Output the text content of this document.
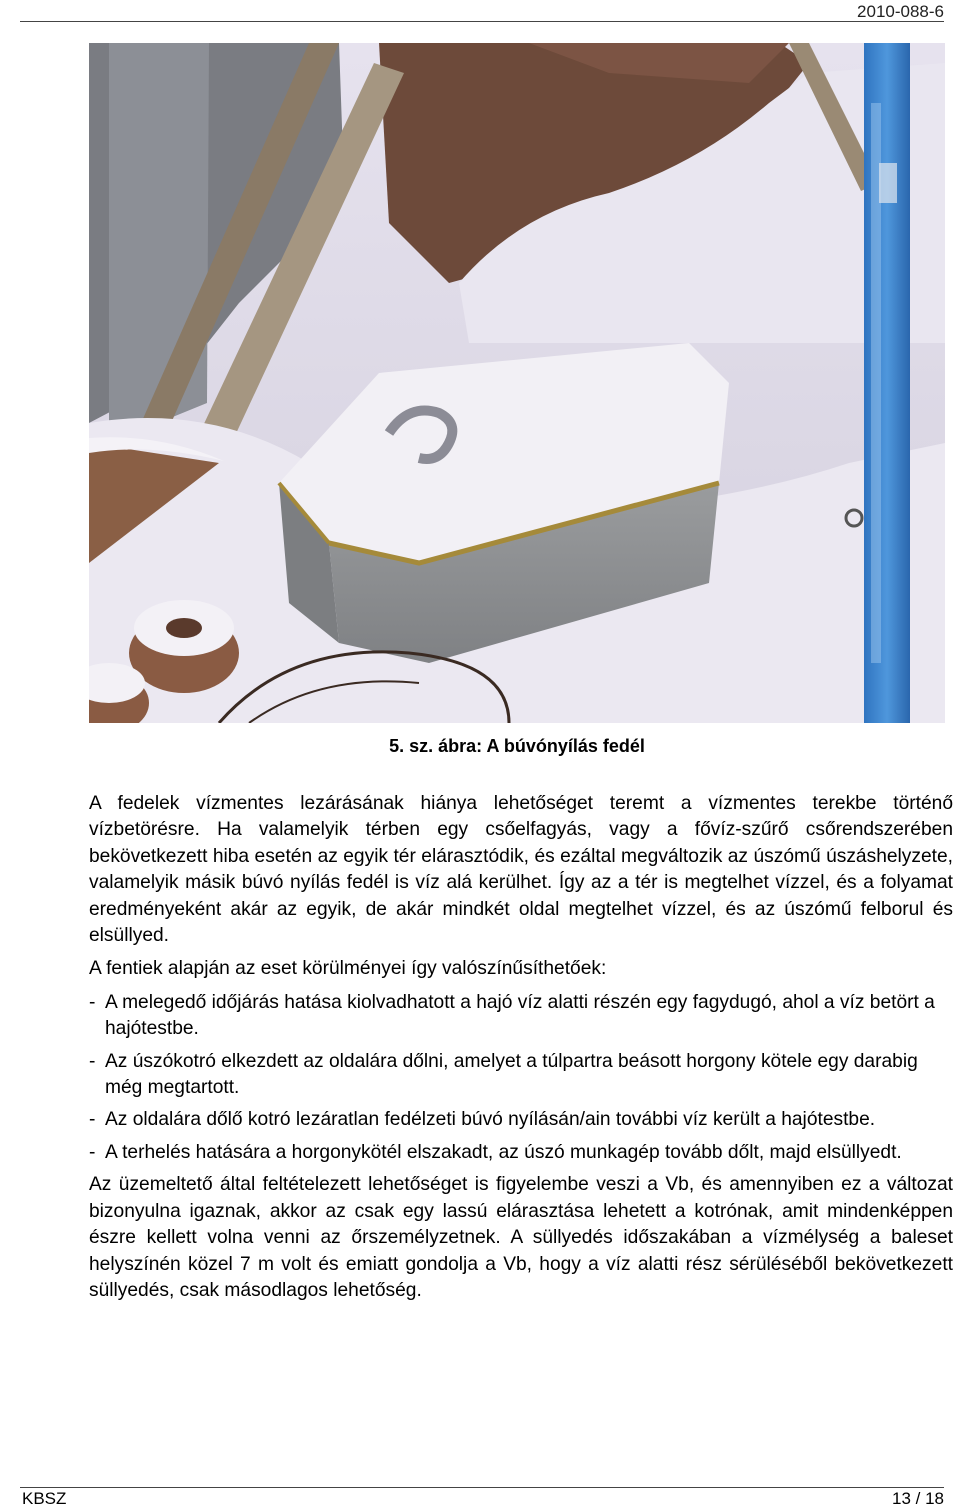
2010-088-6
5. sz. ábra: A búvónyílás fedél

A fedelek vízmentes lezárásának hiánya lehetőséget teremt a vízmentes terekbe történő vízbetörésre. Ha valamelyik térben egy csőelfagyás, vagy a fővíz-szűrő csőrendszerében bekövetkezett hiba esetén az egyik tér elárasztódik, és ezáltal megváltozik az úszómű úszáshelyzete, valamelyik másik búvó nyílás fedél is víz alá kerülhet. Így az a tér is megtelhet vízzel, és a folyamat eredményeként akár az egyik, de akár mindkét oldal megtelhet vízzel, és az úszómű felborul és elsüllyed.

A fentiek alapján az eset körülményei így valószínűsíthetőek:

- A melegedő időjárás hatása kiolvadhatott a hajó víz alatti részén egy fagydugó, ahol a víz betört a hajótestbe.
- Az úszókotró elkezdett az oldalára dőlni, amelyet a túlpartra beásott horgony kötele egy darabig még megtartott.
- Az oldalára dőlő kotró lezáratlan fedélzeti búvó nyílásán/ain további víz került a hajótestbe.
- A terhelés hatására a horgonykötél elszakadt, az úszó munkagép tovább dőlt, majd elsüllyedt.

Az üzemeltető által feltételezett lehetőséget is figyelembe veszi a Vb, és amennyiben ez a változat bizonyulna igaznak, akkor az csak egy lassú elárasztása lehetett a kotrónak, amit mindenképpen észre kellett volna venni az őrszemélyzetnek. A süllyedés időszakában a vízmélység a baleset helyszínén közel 7 m volt és emiatt gondolja a Vb, hogy a víz alatti rész sérüléséből bekövetkezett süllyedés, csak másodlagos lehetőség.

KBSZ	13 / 18
